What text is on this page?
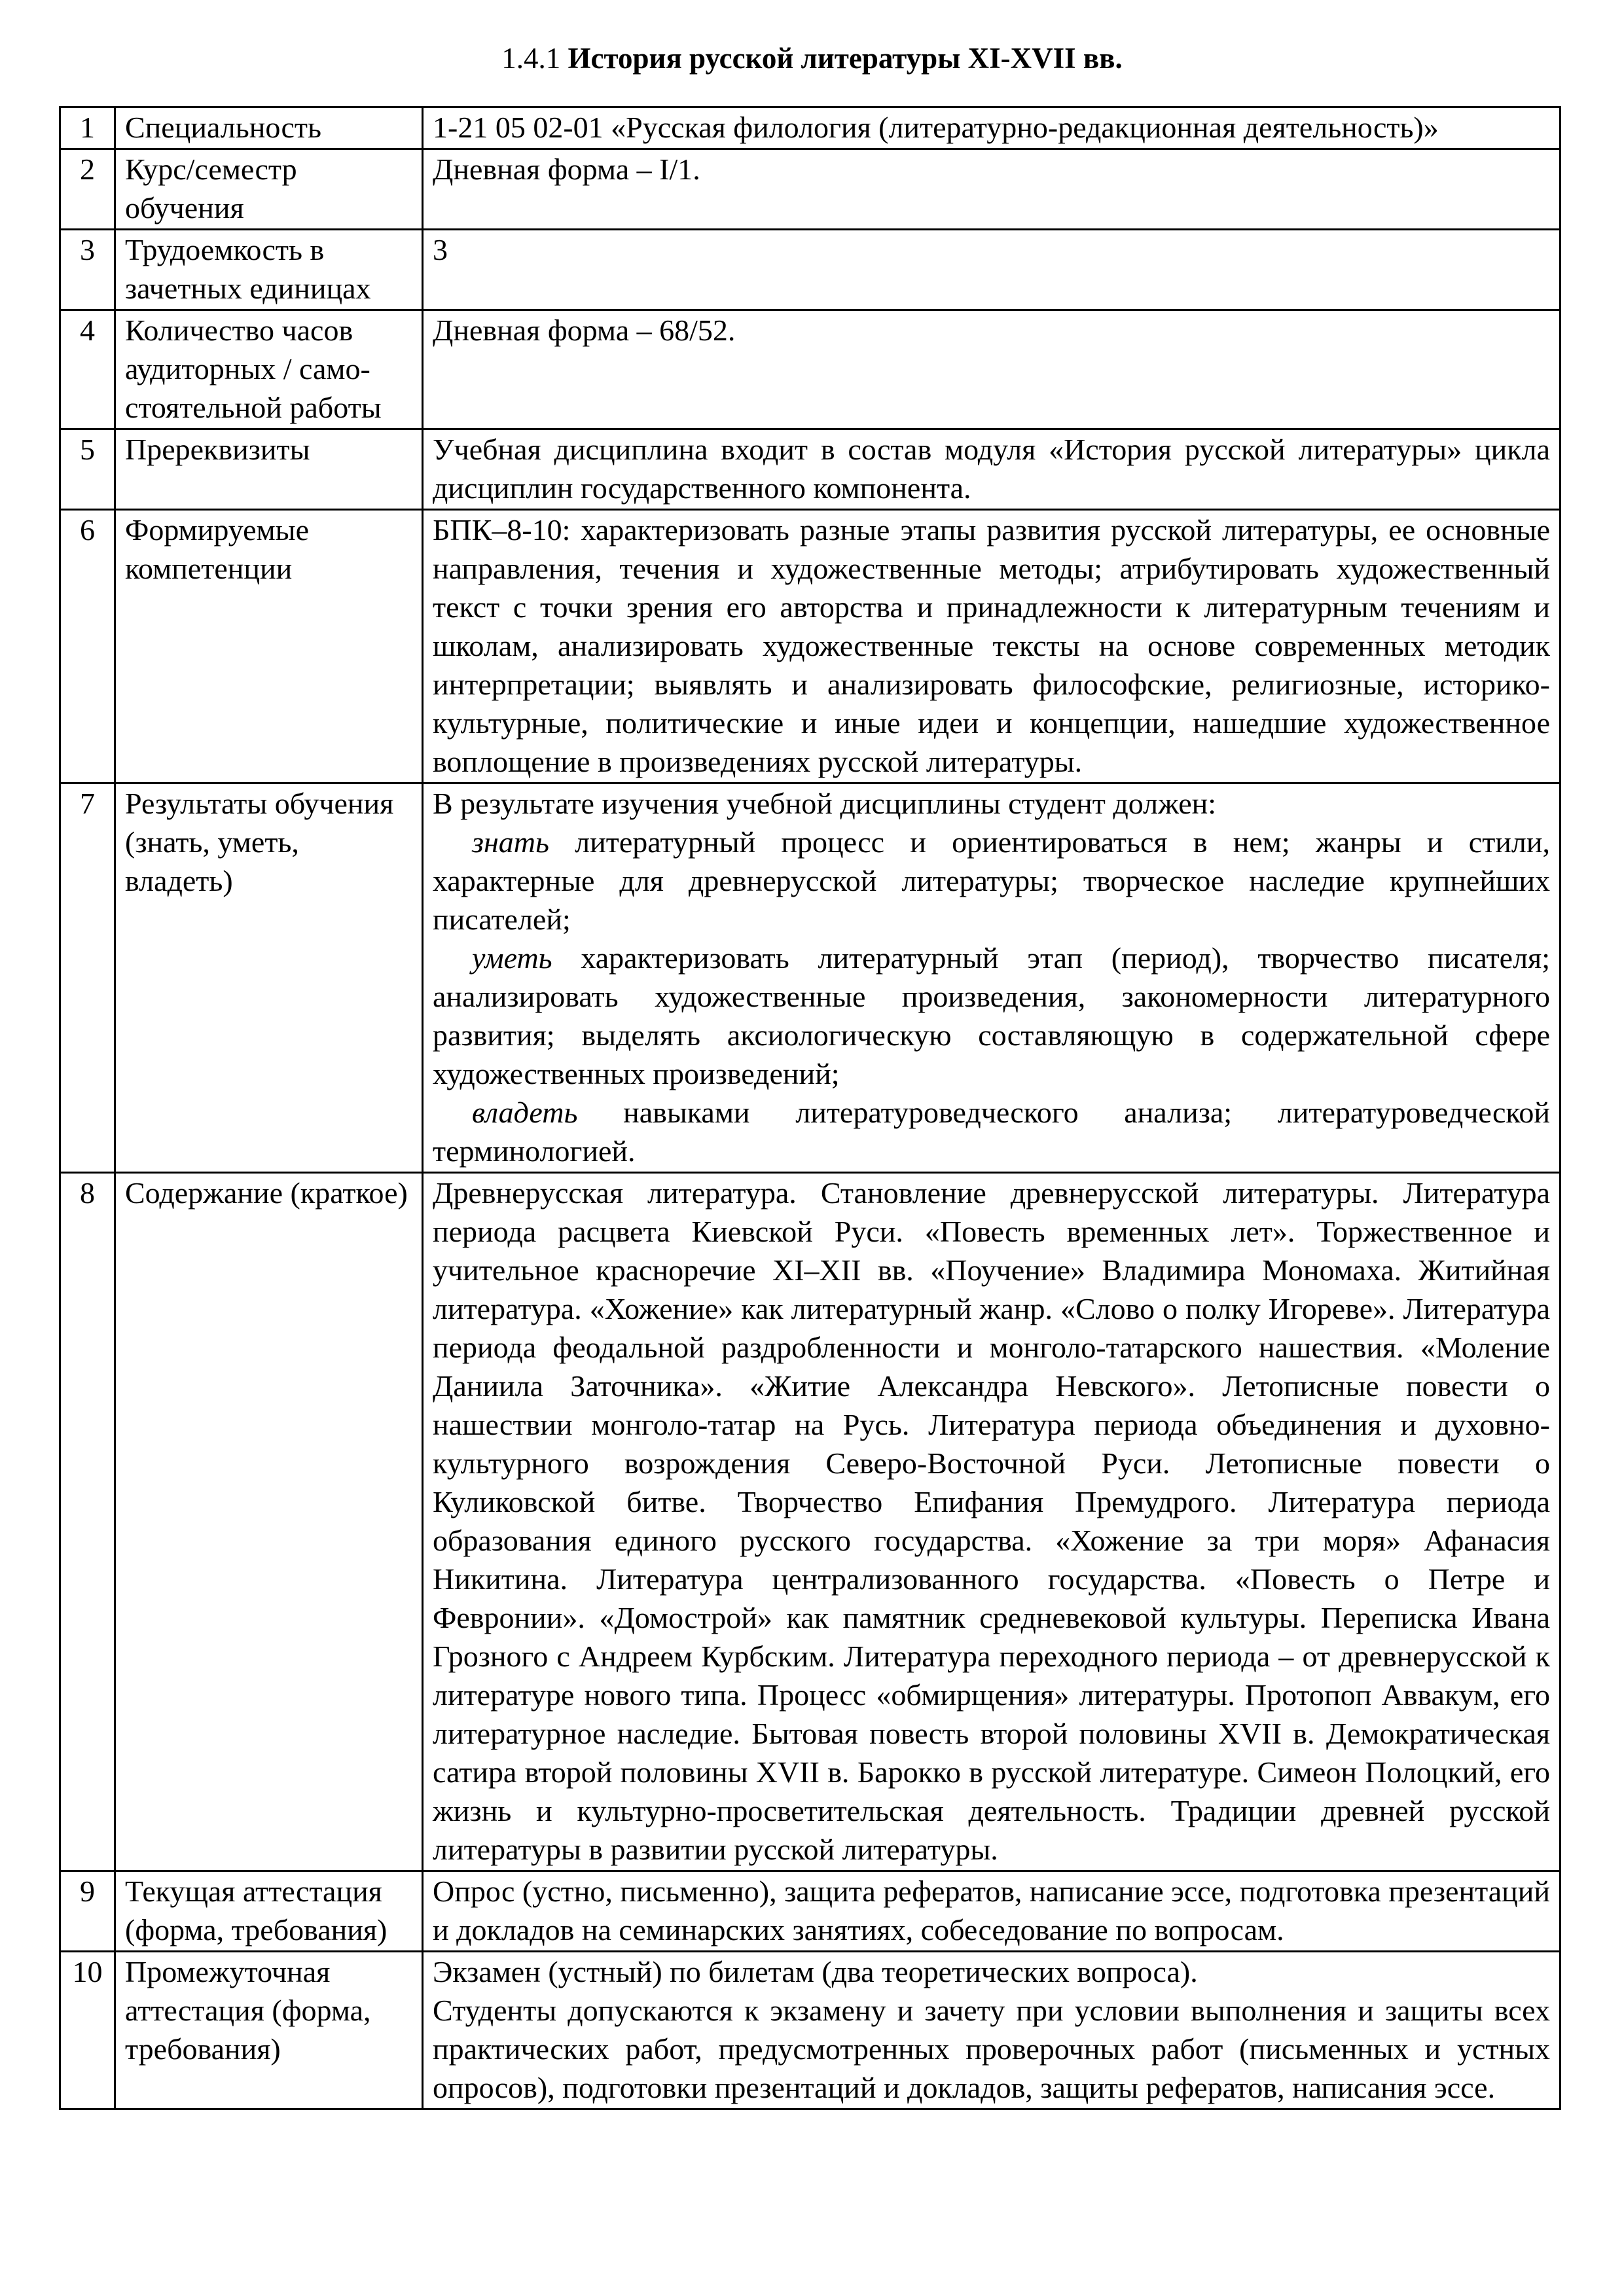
1.4.1 История русской литературы XI-XVII вв.
1	Специальность	1-21 05 02-01 «Русская филология (литературно-редакционная деятельность)»
2	Курс/семестр обучения	Дневная форма – I/1.
3	Трудоемкость в зачетных единицах	3
4	Количество часов аудиторных / само-стоятельной работы	Дневная форма – 68/52.
5	Пререквизиты	Учебная дисциплина входит в состав модуля «История русской литературы» цикла дисциплин государственного компонента.
6	Формируемые компетенции	БПК–8-10: характеризовать разные этапы развития русской литературы, ее основные направления, течения и художественные методы; атрибутировать художественный текст с точки зрения его авторства и принадлежности к литературным течениям и школам, анализировать художественные тексты на основе современных методик интерпретации; выявлять и анализировать философские, религиозные, историко-культурные, политические и иные идеи и концепции, нашедшие художественное воплощение в произведениях русской литературы.
7	Результаты обучения (знать, уметь, владеть)	В результате изучения учебной дисциплины студент должен:
знать литературный процесс и ориентироваться в нем; жанры и стили, характерные для древнерусской литературы; творческое наследие крупнейших писателей;
уметь характеризовать литературный этап (период), творчество писателя; анализировать художественные произведения, закономерности литературного развития; выделять аксиологическую составляющую в содержательной сфере художественных произведений;
владеть навыками литературоведческого анализа; литературоведческой терминологией.

8	Содержание (краткое)	Древнерусская литература. Становление древнерусской литературы. Литература периода расцвета Киевской Руси. «Повесть временных лет». Торжественное и учительное красноречие XI–XII вв. «Поучение» Владимира Мономаха. Житийная литература. «Хожение» как литературный жанр. «Слово о полку Игореве». Литература периода феодальной раздробленности и монголо-татарского нашествия. «Моление Даниила Заточника». «Житие Александра Невского». Летописные повести о нашествии монголо-татар на Русь. Литература периода объединения и духовно-культурного возрождения Северо-Восточной Руси. Летописные повести о Куликовской битве. Творчество Епифания Премудрого. Литература периода образования единого русского государства. «Хожение за три моря» Афанасия Никитина. Литература централизованного государства. «Повесть о Петре и Февронии». «Домострой» как памятник средневековой культуры. Переписка Ивана Грозного с Андреем Курбским. Литература переходного периода – от древнерусской к литературе нового типа. Процесс «обмирщения» литературы. Протопоп Аввакум, его литературное наследие. Бытовая повесть второй половины XVII в. Демократическая сатира второй половины XVII в. Барокко в русской литературе. Симеон Полоцкий, его жизнь и культурно-просветительская деятельность. Традиции древней русской литературы в развитии русской литературы.
9	Текущая аттестация (форма, требования)	Опрос (устно, письменно), защита рефератов, написание эссе, подготовка презентаций и докладов на семинарских занятиях, собеседование по вопросам.
10	Промежуточная аттестация (форма, требования)	Экзамен (устный) по билетам (два теоретических вопроса).
Студенты допускаются к экзамену и зачету при условии выполнения и защиты всех практических работ, предусмотренных проверочных работ (письменных и устных опросов), подготовки презентаций и докладов, защиты рефератов, написания эссе.
